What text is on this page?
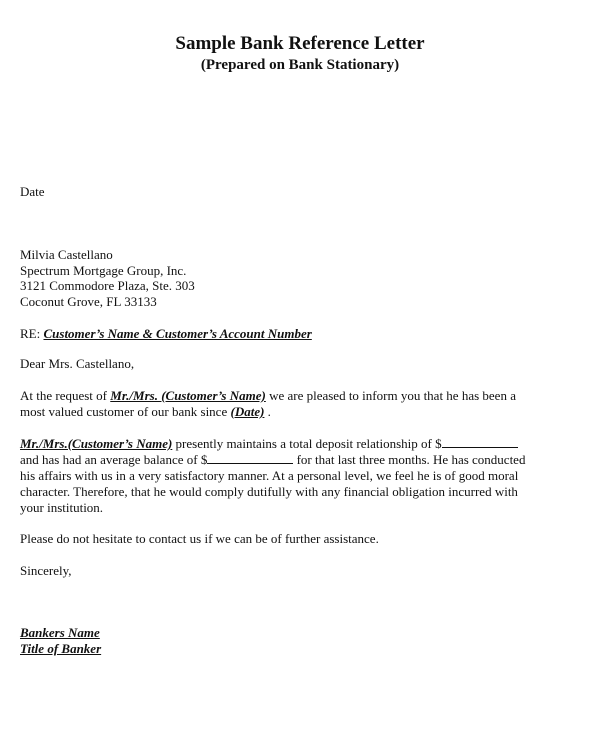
Sample Bank Reference Letter
(Prepared on Bank Stationary)
Date
Milvia Castellano
Spectrum Mortgage Group, Inc.
3121 Commodore Plaza, Ste. 303
Coconut Grove, FL 33133
RE: Customer’s Name & Customer’s Account Number
Dear Mrs. Castellano,
At the request of Mr./Mrs. (Customer’s Name) we are pleased to inform you that he has been a
most valued customer of our bank since (Date) .
Mr./Mrs.(Customer’s Name) presently maintains a total deposit relationship of $
and has had an average balance of $	for that last three months. He has conducted
his affairs with us in a very satisfactory manner. At a personal level, we feel he is of good moral
character. Therefore, that he would comply dutifully with any financial obligation incurred with
your institution.
Please do not hesitate to contact us if we can be of further assistance.
Sincerely,
Bankers Name
Title of Banker
